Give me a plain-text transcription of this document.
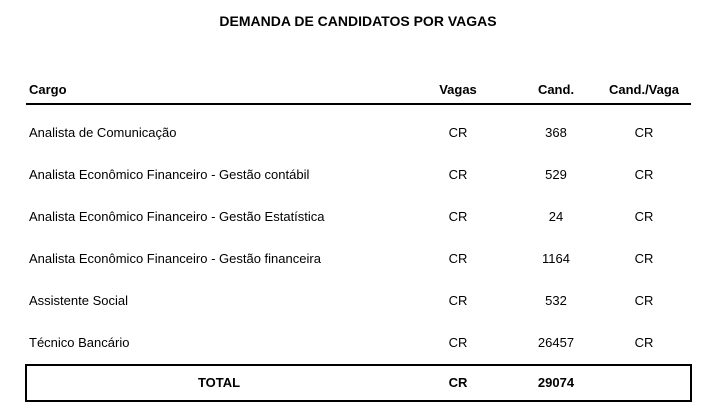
DEMANDA DE CANDIDATOS POR VAGAS
Cargo	Vagas	Cand.	Cand./Vaga
Analista de Comunicação	CR	368	CR
Analista Econômico Financeiro - Gestão contábil	CR	529	CR
Analista Econômico Financeiro - Gestão Estatística	CR	24	CR
Analista Econômico Financeiro - Gestão financeira	CR	1164	CR
Assistente Social	CR	532	CR
Técnico Bancário	CR	26457	CR
TOTAL	CR	29074
